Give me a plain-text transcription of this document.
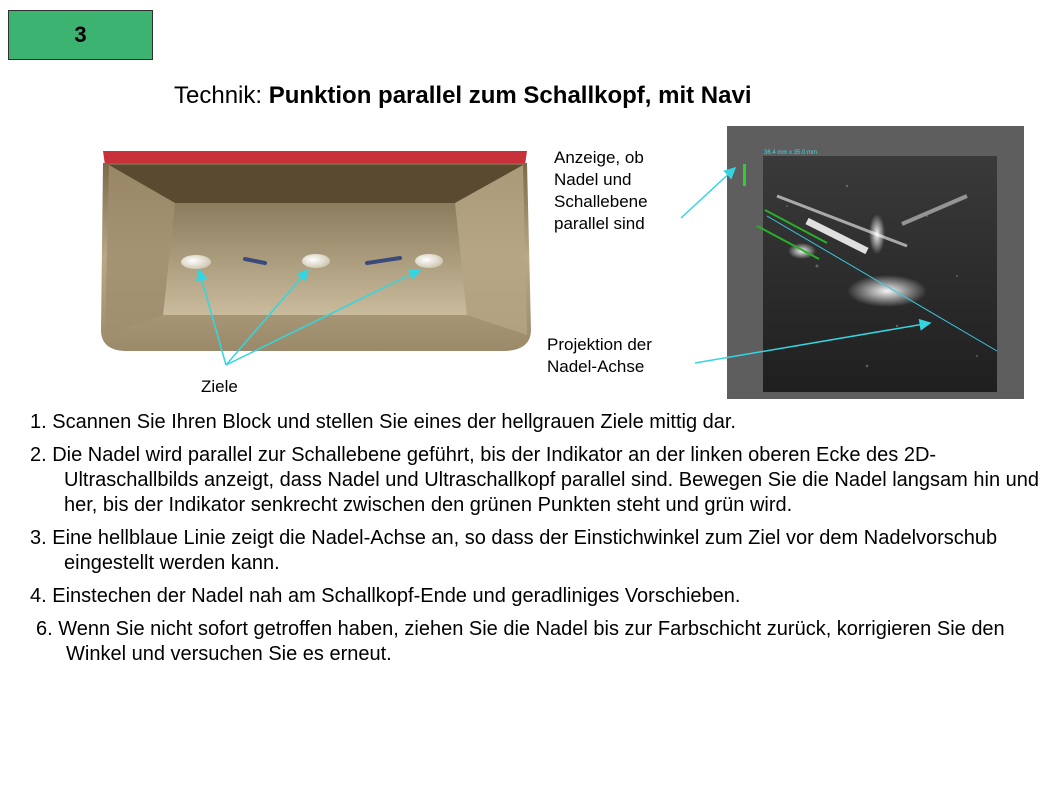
3
Technik: Punktion parallel zum Schallkopf, mit Navi
36.4 mm x 35.0 mm
Anzeige, ob
Nadel und
Schallebene
parallel sind
Projektion der
Nadel-Achse
Ziele
1. Scannen Sie Ihren Block und stellen Sie eines der hellgrauen Ziele mittig dar.
2. Die Nadel wird parallel zur Schallebene geführt, bis der Indikator an der linken oberen Ecke des 2D-Ultraschallbilds anzeigt, dass Nadel und Ultraschallkopf parallel sind. Bewegen Sie die Nadel langsam hin und her, bis der Indikator senkrecht zwischen den grünen Punkten steht und grün wird.
3. Eine hellblaue Linie zeigt die Nadel-Achse an, so dass der Einstichwinkel zum Ziel vor dem Nadelvorschub eingestellt werden kann.
4. Einstechen der Nadel nah am Schallkopf-Ende und geradliniges Vorschieben.
6. Wenn Sie nicht sofort getroffen haben, ziehen Sie die Nadel bis zur Farbschicht zurück, korrigieren Sie den Winkel und versuchen Sie es erneut.
